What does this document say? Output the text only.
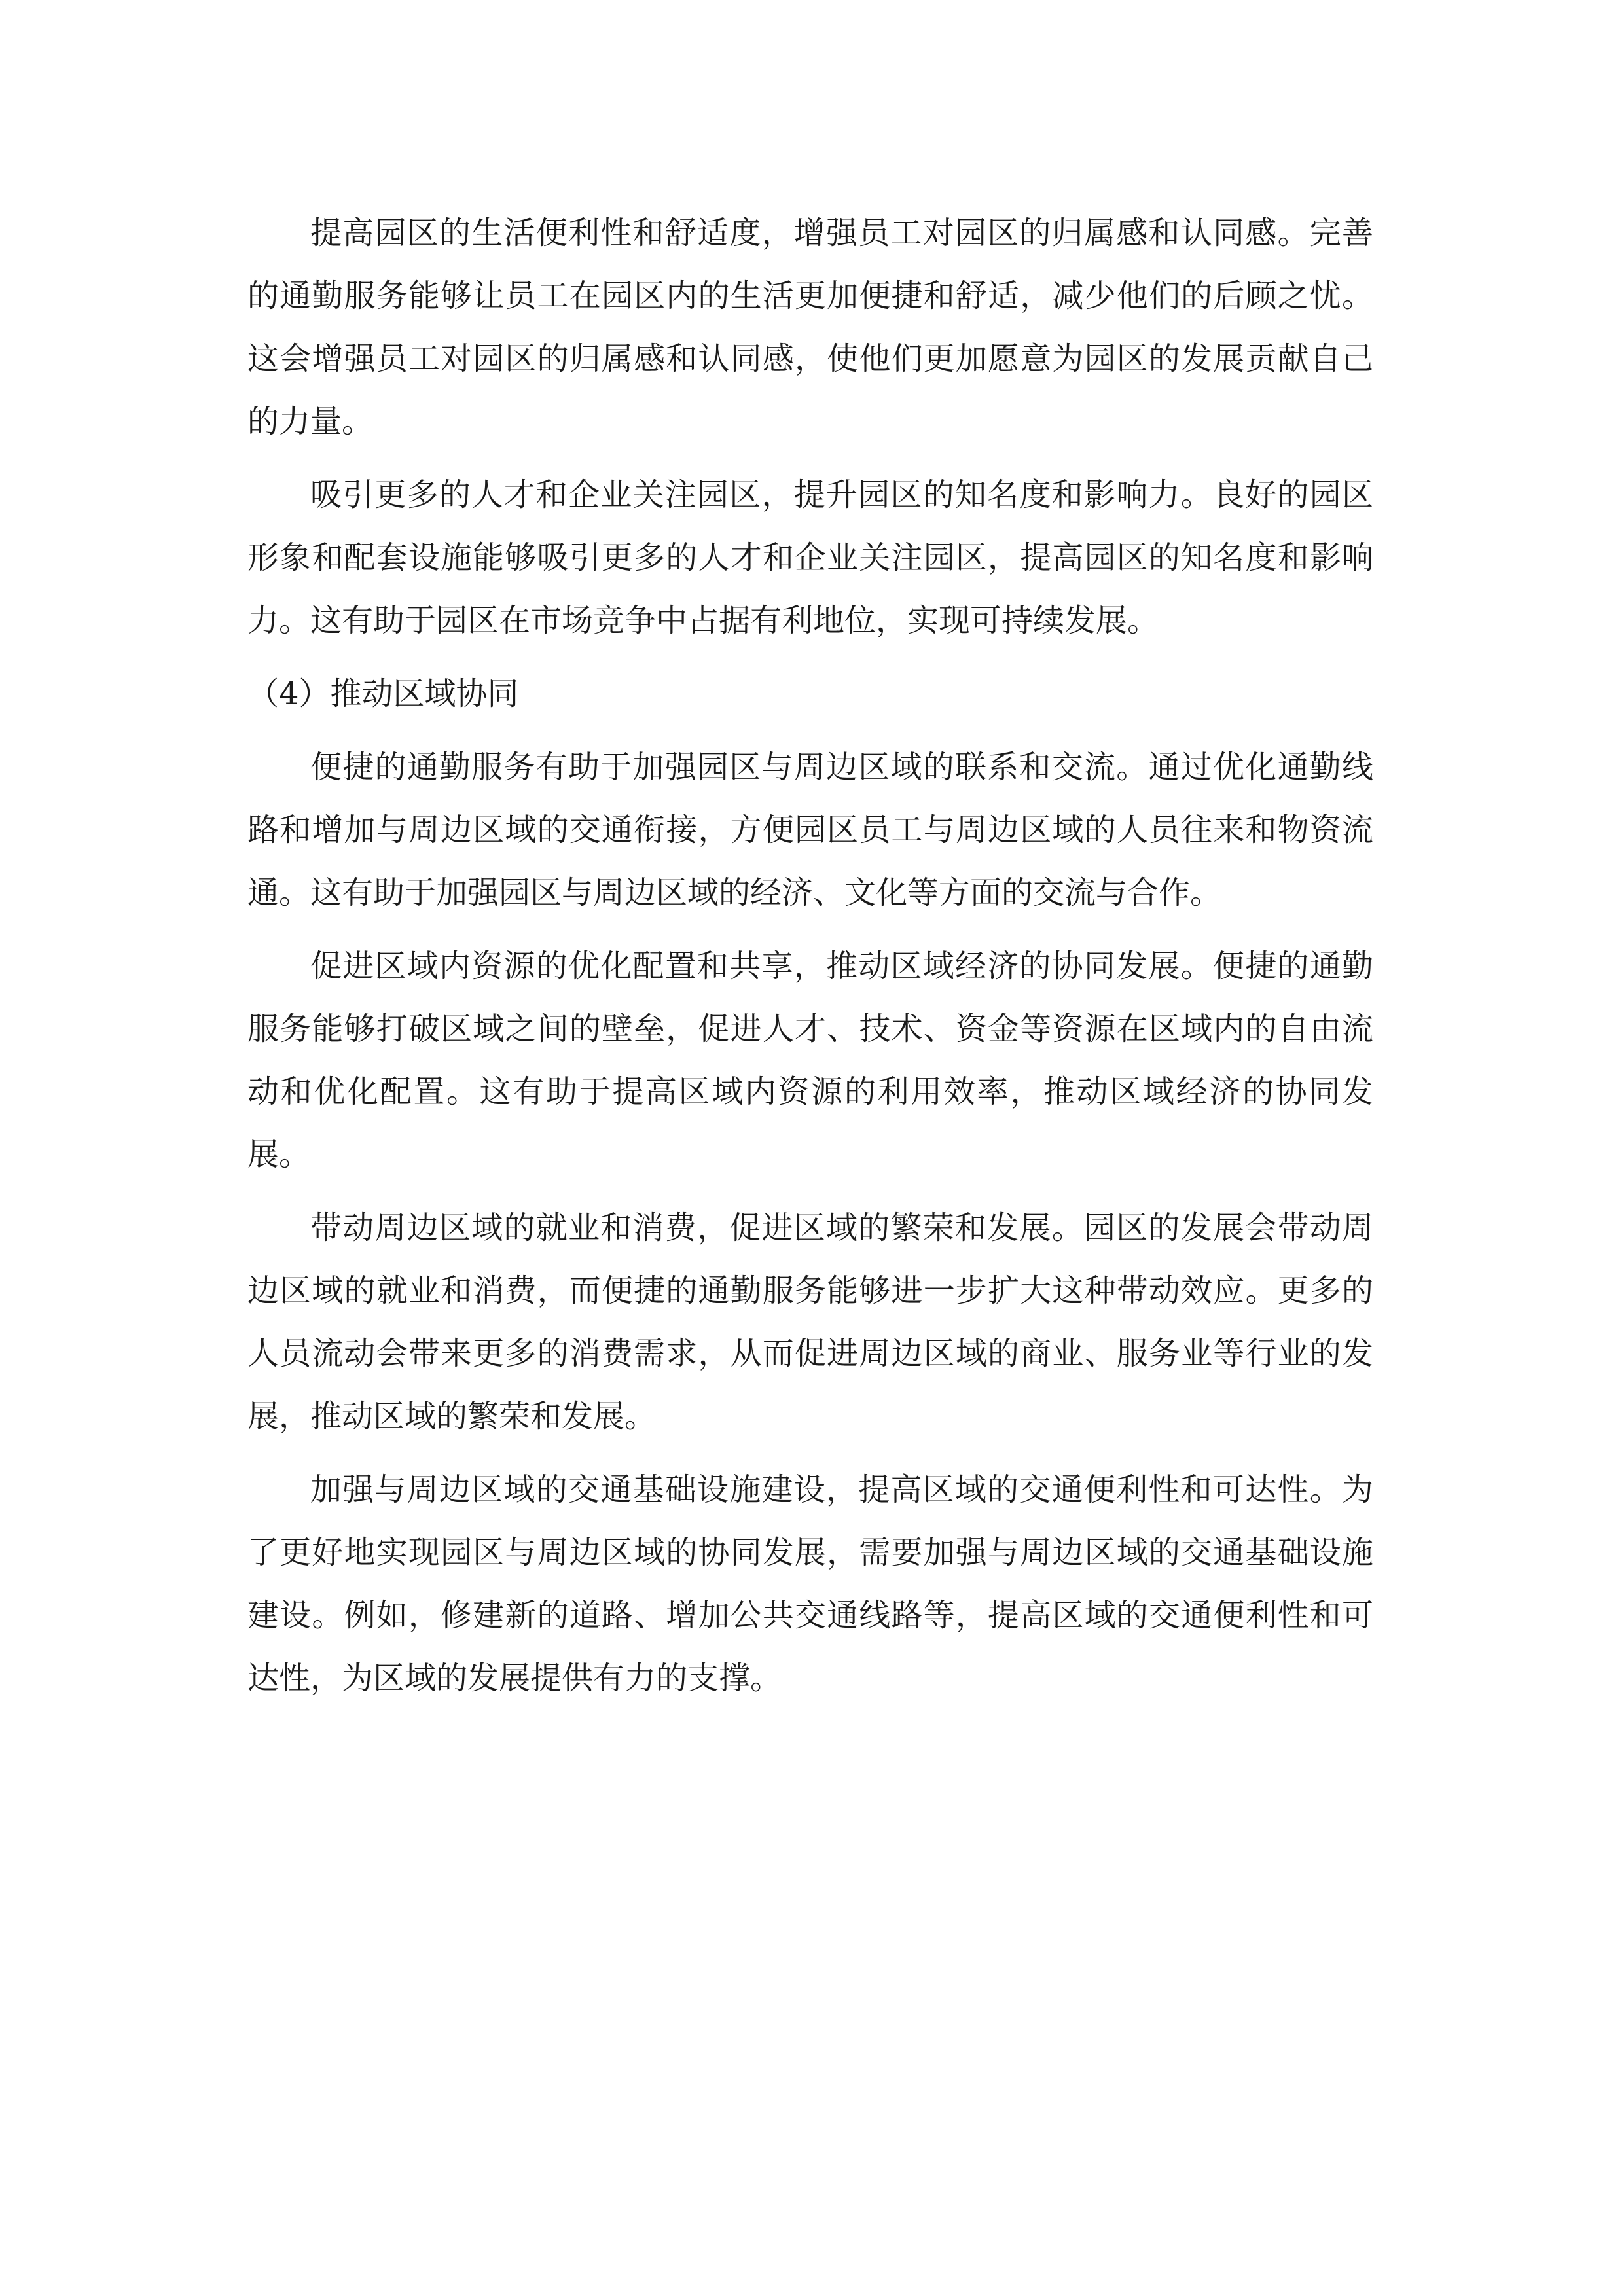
提高园区的生活便利性和舒适度，增强员工对园区的归属感和认同感。完善的通勤服务能够让员工在园区内的生活更加便捷和舒适，减少他们的后顾之忧。这会增强员工对园区的归属感和认同感，使他们更加愿意为园区的发展贡献自己的力量。

吸引更多的人才和企业关注园区，提升园区的知名度和影响力。良好的园区形象和配套设施能够吸引更多的人才和企业关注园区，提高园区的知名度和影响力。这有助于园区在市场竞争中占据有利地位，实现可持续发展。

（4）推动区域协同

便捷的通勤服务有助于加强园区与周边区域的联系和交流。通过优化通勤线路和增加与周边区域的交通衔接，方便园区员工与周边区域的人员往来和物资流通。这有助于加强园区与周边区域的经济、文化等方面的交流与合作。

促进区域内资源的优化配置和共享，推动区域经济的协同发展。便捷的通勤服务能够打破区域之间的壁垒，促进人才、技术、资金等资源在区域内的自由流动和优化配置。这有助于提高区域内资源的利用效率，推动区域经济的协同发展。

带动周边区域的就业和消费，促进区域的繁荣和发展。园区的发展会带动周边区域的就业和消费，而便捷的通勤服务能够进一步扩大这种带动效应。更多的人员流动会带来更多的消费需求，从而促进周边区域的商业、服务业等行业的发展，推动区域的繁荣和发展。

加强与周边区域的交通基础设施建设，提高区域的交通便利性和可达性。为了更好地实现园区与周边区域的协同发展，需要加强与周边区域的交通基础设施建设。例如，修建新的道路、增加公共交通线路等，提高区域的交通便利性和可达性，为区域的发展提供有力的支撑。
